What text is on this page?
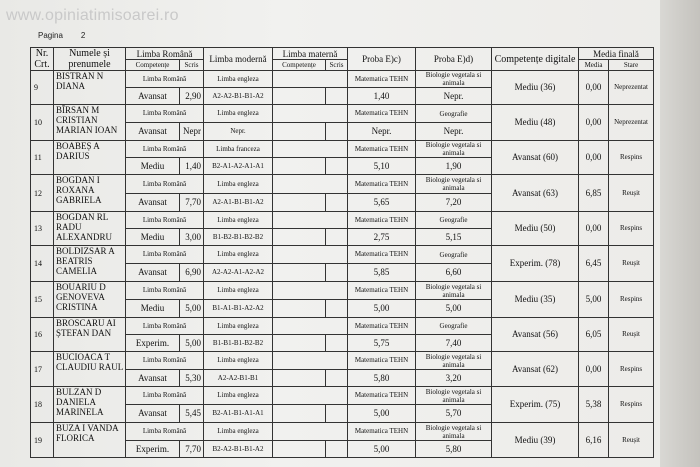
www.opiniatimisoarei.ro
Pagina 2
Nr. Crt.	Numele și prenumele	Limba Română		Limba modernă	Limba maternă		Proba E)c)	Proba E)d)	Competențe digitale	Media finală	
		Competențe	Scris		Competențe	Scris				Media	Stare
9	BISTRAN N DIANA	Limba Română		Limba engleza			Matematica TEHN	Biologie vegetala si animala	Mediu (36)	0,00	Neprezentat
		Avansat	2,90	A2-A2-B1-B1-A2			1,40	Nepr.			
10	BÎRSAN M CRISTIAN MARIAN IOAN	Limba Română		Limba engleza			Matematica TEHN	Geografie	Mediu (48)	0,00	Neprezentat
		Avansat	Nepr	Nepr.			Nepr.	Nepr.			
11	BOABEȘ A DARIUS	Limba Română		Limba franceza			Matematica TEHN	Biologie vegetala si animala	Avansat (60)	0,00	Respins
		Mediu	1,40	B2-A1-A2-A1-A1			5,10	1,90			
12	BOGDAN I ROXANA GABRIELA	Limba Română		Limba engleza			Matematica TEHN	Biologie vegetala si animala	Avansat (63)	6,85	Reușit
		Avansat	7,70	A2-A1-B1-B1-A2			5,65	7,20			
13	BOGDAN RL RADU ALEXANDRU	Limba Română		Limba engleza			Matematica TEHN	Geografie	Mediu (50)	0,00	Respins
		Mediu	3,00	B1-B2-B1-B2-B2			2,75	5,15			
14	BOLDIZSAR A BEATRIS CAMELIA	Limba Română		Limba engleza			Matematica TEHN	Geografie	Experim. (78)	6,45	Reușit
		Avansat	6,90	A2-A2-A1-A2-A2			5,85	6,60			
15	BOUARIU D GENOVEVA CRISTINA	Limba Română		Limba engleza			Matematica TEHN	Biologie vegetala si animala	Mediu (35)	5,00	Respins
		Mediu	5,00	B1-A1-B1-A2-A2			5,00	5,00			
16	BROSCARU AI ȘTEFAN DAN	Limba Română		Limba engleza			Matematica TEHN	Geografie	Avansat (56)	6,05	Reușit
		Experim.	5,00	B1-B1-B1-B2-B2			5,75	7,40			
17	BUCIOACA T CLAUDIU RAUL	Limba Română		Limba engleza			Matematica TEHN	Biologie vegetala si animala	Avansat (62)	0,00	Respins
		Avansat	5,30	A2-A2-B1-B1			5,80	3,20			
18	BULZAN D DANIELA MARINELA	Limba Română		Limba engleza			Matematica TEHN	Biologie vegetala si animala	Experim. (75)	5,38	Respins
		Avansat	5,45	B2-A1-B1-A1-A1			5,00	5,70			
19	BUZA I VANDA FLORICA	Limba Română		Limba engleza			Matematica TEHN	Biologie vegetala si animala	Mediu (39)	6,16	Reușit
		Experim.	7,70	B2-A2-B1-B1-A2			5,00	5,80			
